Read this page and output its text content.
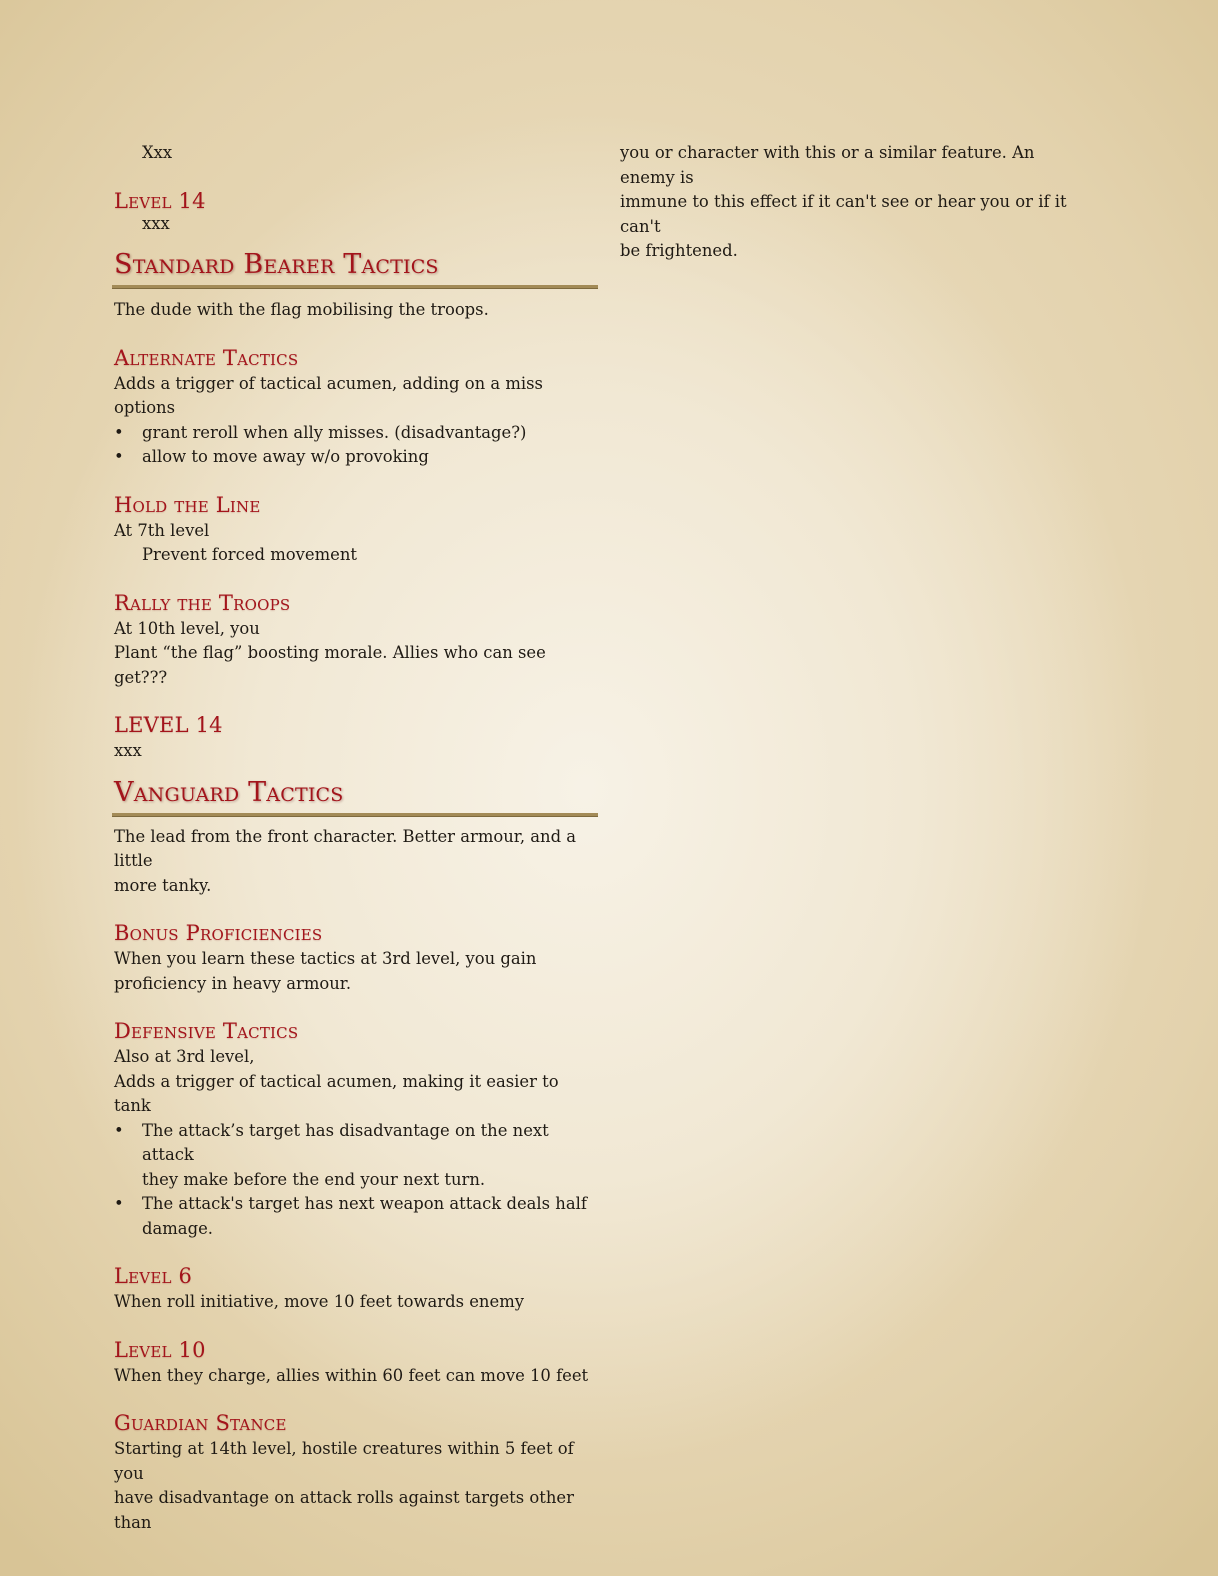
Xxx

Level 14

xxx

Standard Bearer Tactics

The dude with the flag mobilising the troops.

Alternate Tactics

Adds a trigger of tactical acumen, adding on a miss options

•	grant reroll when ally misses. (disadvantage?)
•	allow to move away w/o provoking
Hold the Line

At 7th level

Prevent forced movement

Rally the Troops

At 10th level, you

Plant “the flag” boosting morale. Allies who can see get???

LEVEL 14

xxx

Vanguard Tactics

The lead from the front character. Better armour, and a little

more tanky.

Bonus Proficiencies

When you learn these tactics at 3rd level, you gain

proficiency in heavy armour.

Defensive Tactics

Also at 3rd level,

Adds a trigger of tactical acumen, making it easier to tank

•	The attack’s target has disadvantage on the next attack
they make before the end your next turn.
•	The attack's target has next weapon attack deals half
damage.
Level 6

When roll initiative, move 10 feet towards enemy

Level 10

When they charge, allies within 60 feet can move 10 feet

Guardian Stance

Starting at 14th level, hostile creatures within 5 feet of you

have disadvantage on attack rolls against targets other than

you or character with this or a similar feature. An enemy is

immune to this effect if it can't see or hear you or if it can't

be frightened.
